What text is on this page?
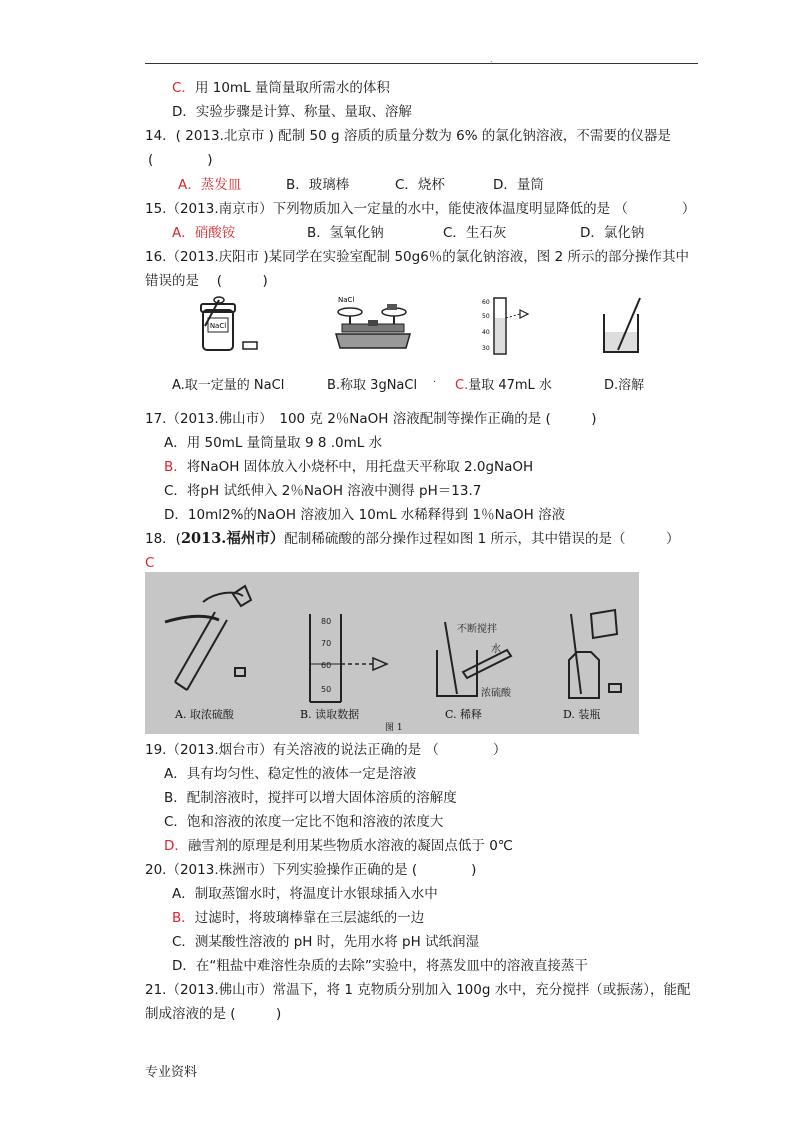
.
C．用 10mL 量筒量取所需水的体积
D．实验步骤是计算、称量、量取、溶解
14．( 2013.北京市 ) 配制 50 g 溶质的质量分数为 6% 的氯化钠溶液，不需要的仪器是
(　　　　)
A．蒸发皿	B．玻璃棒	C．烧杯	D．量筒
15.（2013.南京市）下列物质加入一定量的水中，能使液体温度明显降低的是 （　　　　）
A．硝酸铵	B．氢氧化钠	C．生石灰	D．氯化钠
16.（2013.庆阳市 )某同学在实验室配制 50g6％的氯化钠溶液，图 2 所示的部分操作其中
错误的是　 (　　　)
NaCl
NaCl	60
50
40
30
A.取一定量的 NaCl	B.称取 3gNaCl . C.量取 47mL 水	D.溶解
17.（2013.佛山市）　100 克 2％NaOH 溶液配制等操作正确的是 (　　　)
A．用 50mL 量筒量取 9 8 .0mL 水
B．将NaOH 固体放入小烧杯中，用托盘天平称取 2.0gNaOH
C．将pH 试纸伸入 2％NaOH 溶液中测得 pH＝13.7
D．10ml2%的NaOH 溶液加入 10mL 水稀释得到 1％NaOH 溶液
18．(2013.福州市）配制稀硫酸的部分操作过程如图 1 所示，其中错误的是（　　　）
C
80
70
60
50
不断搅拌
水
浓硫酸
A. 取浓硫酸	B. 读取数据	C. 稀释	D. 装瓶
图 1
19.（2013.烟台市）有关溶液的说法正确的是 （　　　　）
A．具有均匀性、稳定性的液体一定是溶液
B．配制溶液时，搅拌可以增大固体溶质的溶解度
C．饱和溶液的浓度一定比不饱和溶液的浓度大
D．融雪剂的原理是利用某些物质水溶液的凝固点低于 0℃
20.（2013.株洲市）下列实验操作正确的是 (　　　　)
A．制取蒸馏水时，将温度计水银球插入水中
B．过滤时，将玻璃棒靠在三层滤纸的一边
C．测某酸性溶液的 pH 时，先用水将 pH 试纸润湿
D．在“粗盐中难溶性杂质的去除”实验中，将蒸发皿中的溶液直接蒸干
21.（2013.佛山市）常温下，将 1 克物质分别加入 100g 水中，充分搅拌（或振荡），能配
制成溶液的是 (　　　)
专业资料
